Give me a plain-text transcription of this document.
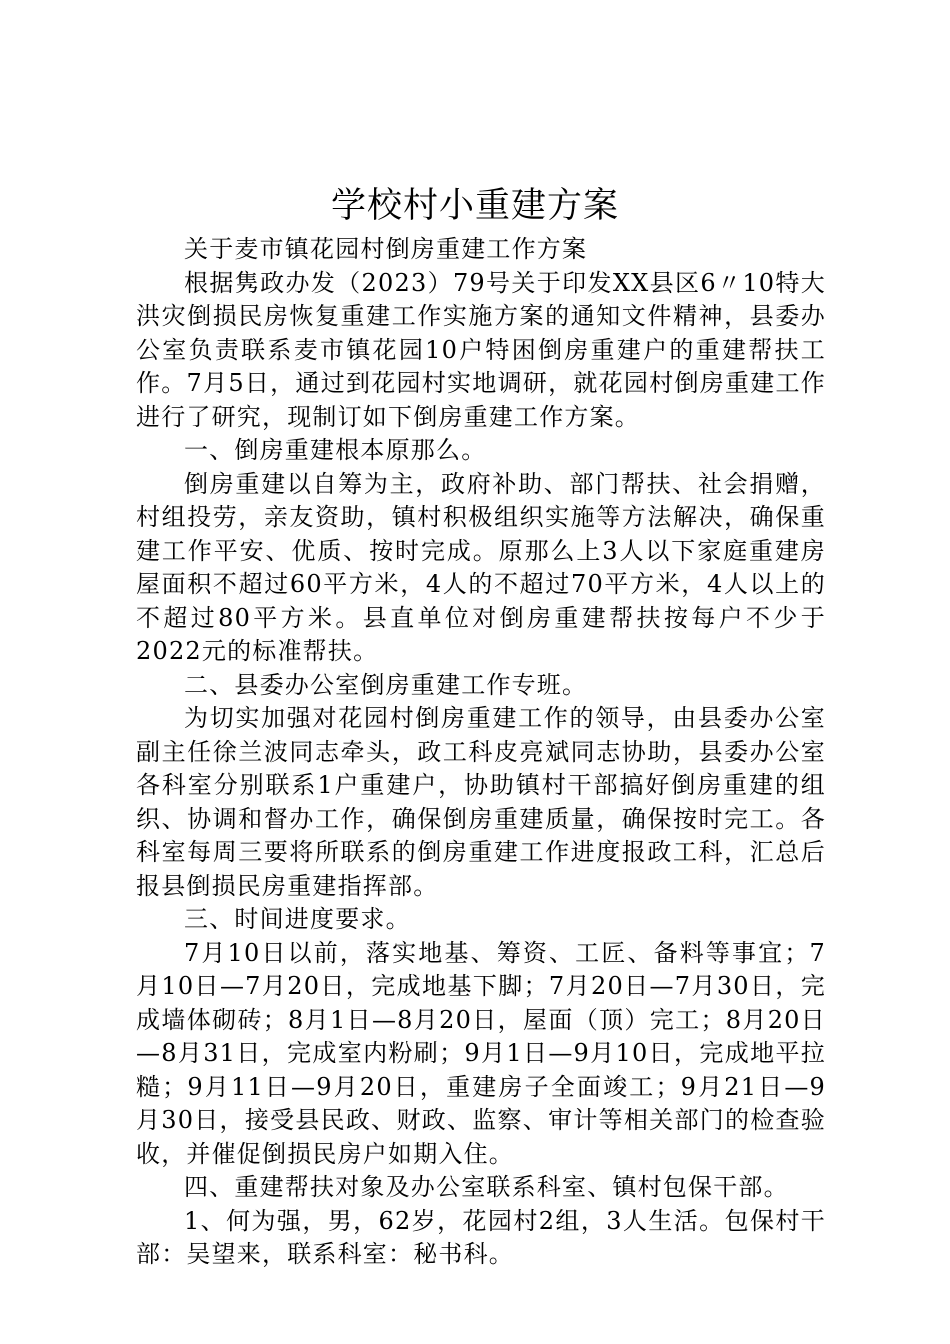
学校村小重建方案

关于麦市镇花园村倒房重建工作方案

根据隽政办发（2023）79号关于印发XX县区6〃10特大洪灾倒损民房恢复重建工作实施方案的通知文件精神，县委办公室负责联系麦市镇花园10户特困倒房重建户的重建帮扶工作。7月5日，通过到花园村实地调研，就花园村倒房重建工作进行了研究，现制订如下倒房重建工作方案。

一、倒房重建根本原那么。

倒房重建以自筹为主，政府补助、部门帮扶、社会捐赠，村组投劳，亲友资助，镇村积极组织实施等方法解决，确保重建工作平安、优质、按时完成。原那么上3人以下家庭重建房屋面积不超过60平方米，4人的不超过70平方米，4人以上的不超过80平方米。县直单位对倒房重建帮扶按每户不少于2022元的标准帮扶。

二、县委办公室倒房重建工作专班。

为切实加强对花园村倒房重建工作的领导，由县委办公室副主任徐兰波同志牵头，政工科皮亮斌同志协助，县委办公室各科室分别联系1户重建户，协助镇村干部搞好倒房重建的组织、协调和督办工作，确保倒房重建质量，确保按时完工。各科室每周三要将所联系的倒房重建工作进度报政工科，汇总后报县倒损民房重建指挥部。

三、时间进度要求。

7月10日以前，落实地基、筹资、工匠、备料等事宜；7月10日—7月20日，完成地基下脚；7月20日—7月30日，完成墙体砌砖；8月1日—8月20日，屋面（顶）完工；8月20日—8月31日，完成室内粉刷；9月1日—9月10日，完成地平拉糙；9月11日—9月20日，重建房子全面竣工；9月21日—9月30日，接受县民政、财政、监察、审计等相关部门的检查验收，并催促倒损民房户如期入住。

四、重建帮扶对象及办公室联系科室、镇村包保干部。

1、何为强，男，62岁，花园村2组，3人生活。包保村干部：吴望来，联系科室：秘书科。
